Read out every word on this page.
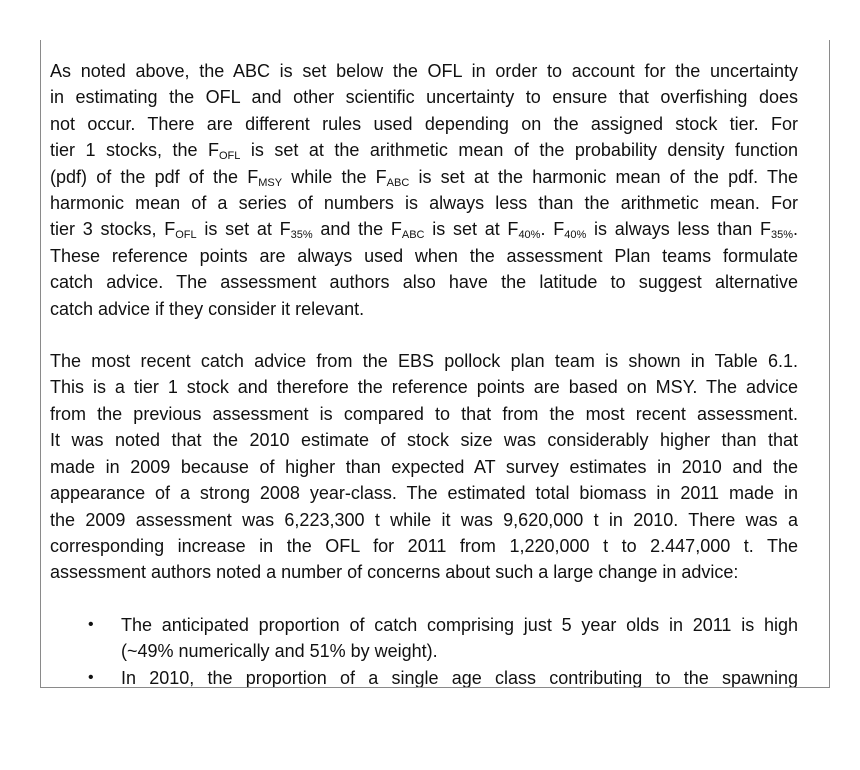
As noted above, the ABC is set below the OFL in order to account for the uncertainty
in estimating the OFL and other scientific uncertainty to ensure that overfishing does
not occur. There are different rules used depending on the assigned stock tier. For
tier 1 stocks, the $F_{OFL}$ is set at the arithmetic mean of the probability density function
(pdf) of the pdf of the $F_{MSY}$ while the $F_{ABC}$ is set at the harmonic mean of the pdf. The
harmonic mean of a series of numbers is always less than the arithmetic mean. For
tier 3 stocks, $F_{OFL}$ is set at $F_{35\%}$ and the $F_{ABC}$ is set at $F_{40\%}$. $F_{40\%}$ is always less than $F_{35\%}$.
These reference points are always used when the assessment Plan teams formulate
catch advice. The assessment authors also have the latitude to suggest alternative
catch advice if they consider it relevant.
The most recent catch advice from the EBS pollock plan team is shown in Table 6.1.
This is a tier 1 stock and therefore the reference points are based on MSY. The advice
from the previous assessment is compared to that from the most recent assessment.
It was noted that the 2010 estimate of stock size was considerably higher than that
made in 2009 because of higher than expected AT survey estimates in 2010 and the
appearance of a strong 2008 year-class. The estimated total biomass in 2011 made in
the 2009 assessment was 6,223,300 t while it was 9,620,000 t in 2010. There was a
corresponding increase in the OFL for 2011 from 1,220,000 t to 2.447,000 t. The
assessment authors noted a number of concerns about such a large change in advice:
• The anticipated proportion of catch comprising just 5 year olds in 2011 is high
(~49% numerically and 51% by weight).
• In 2010, the proportion of a single age class contributing to the spawning
